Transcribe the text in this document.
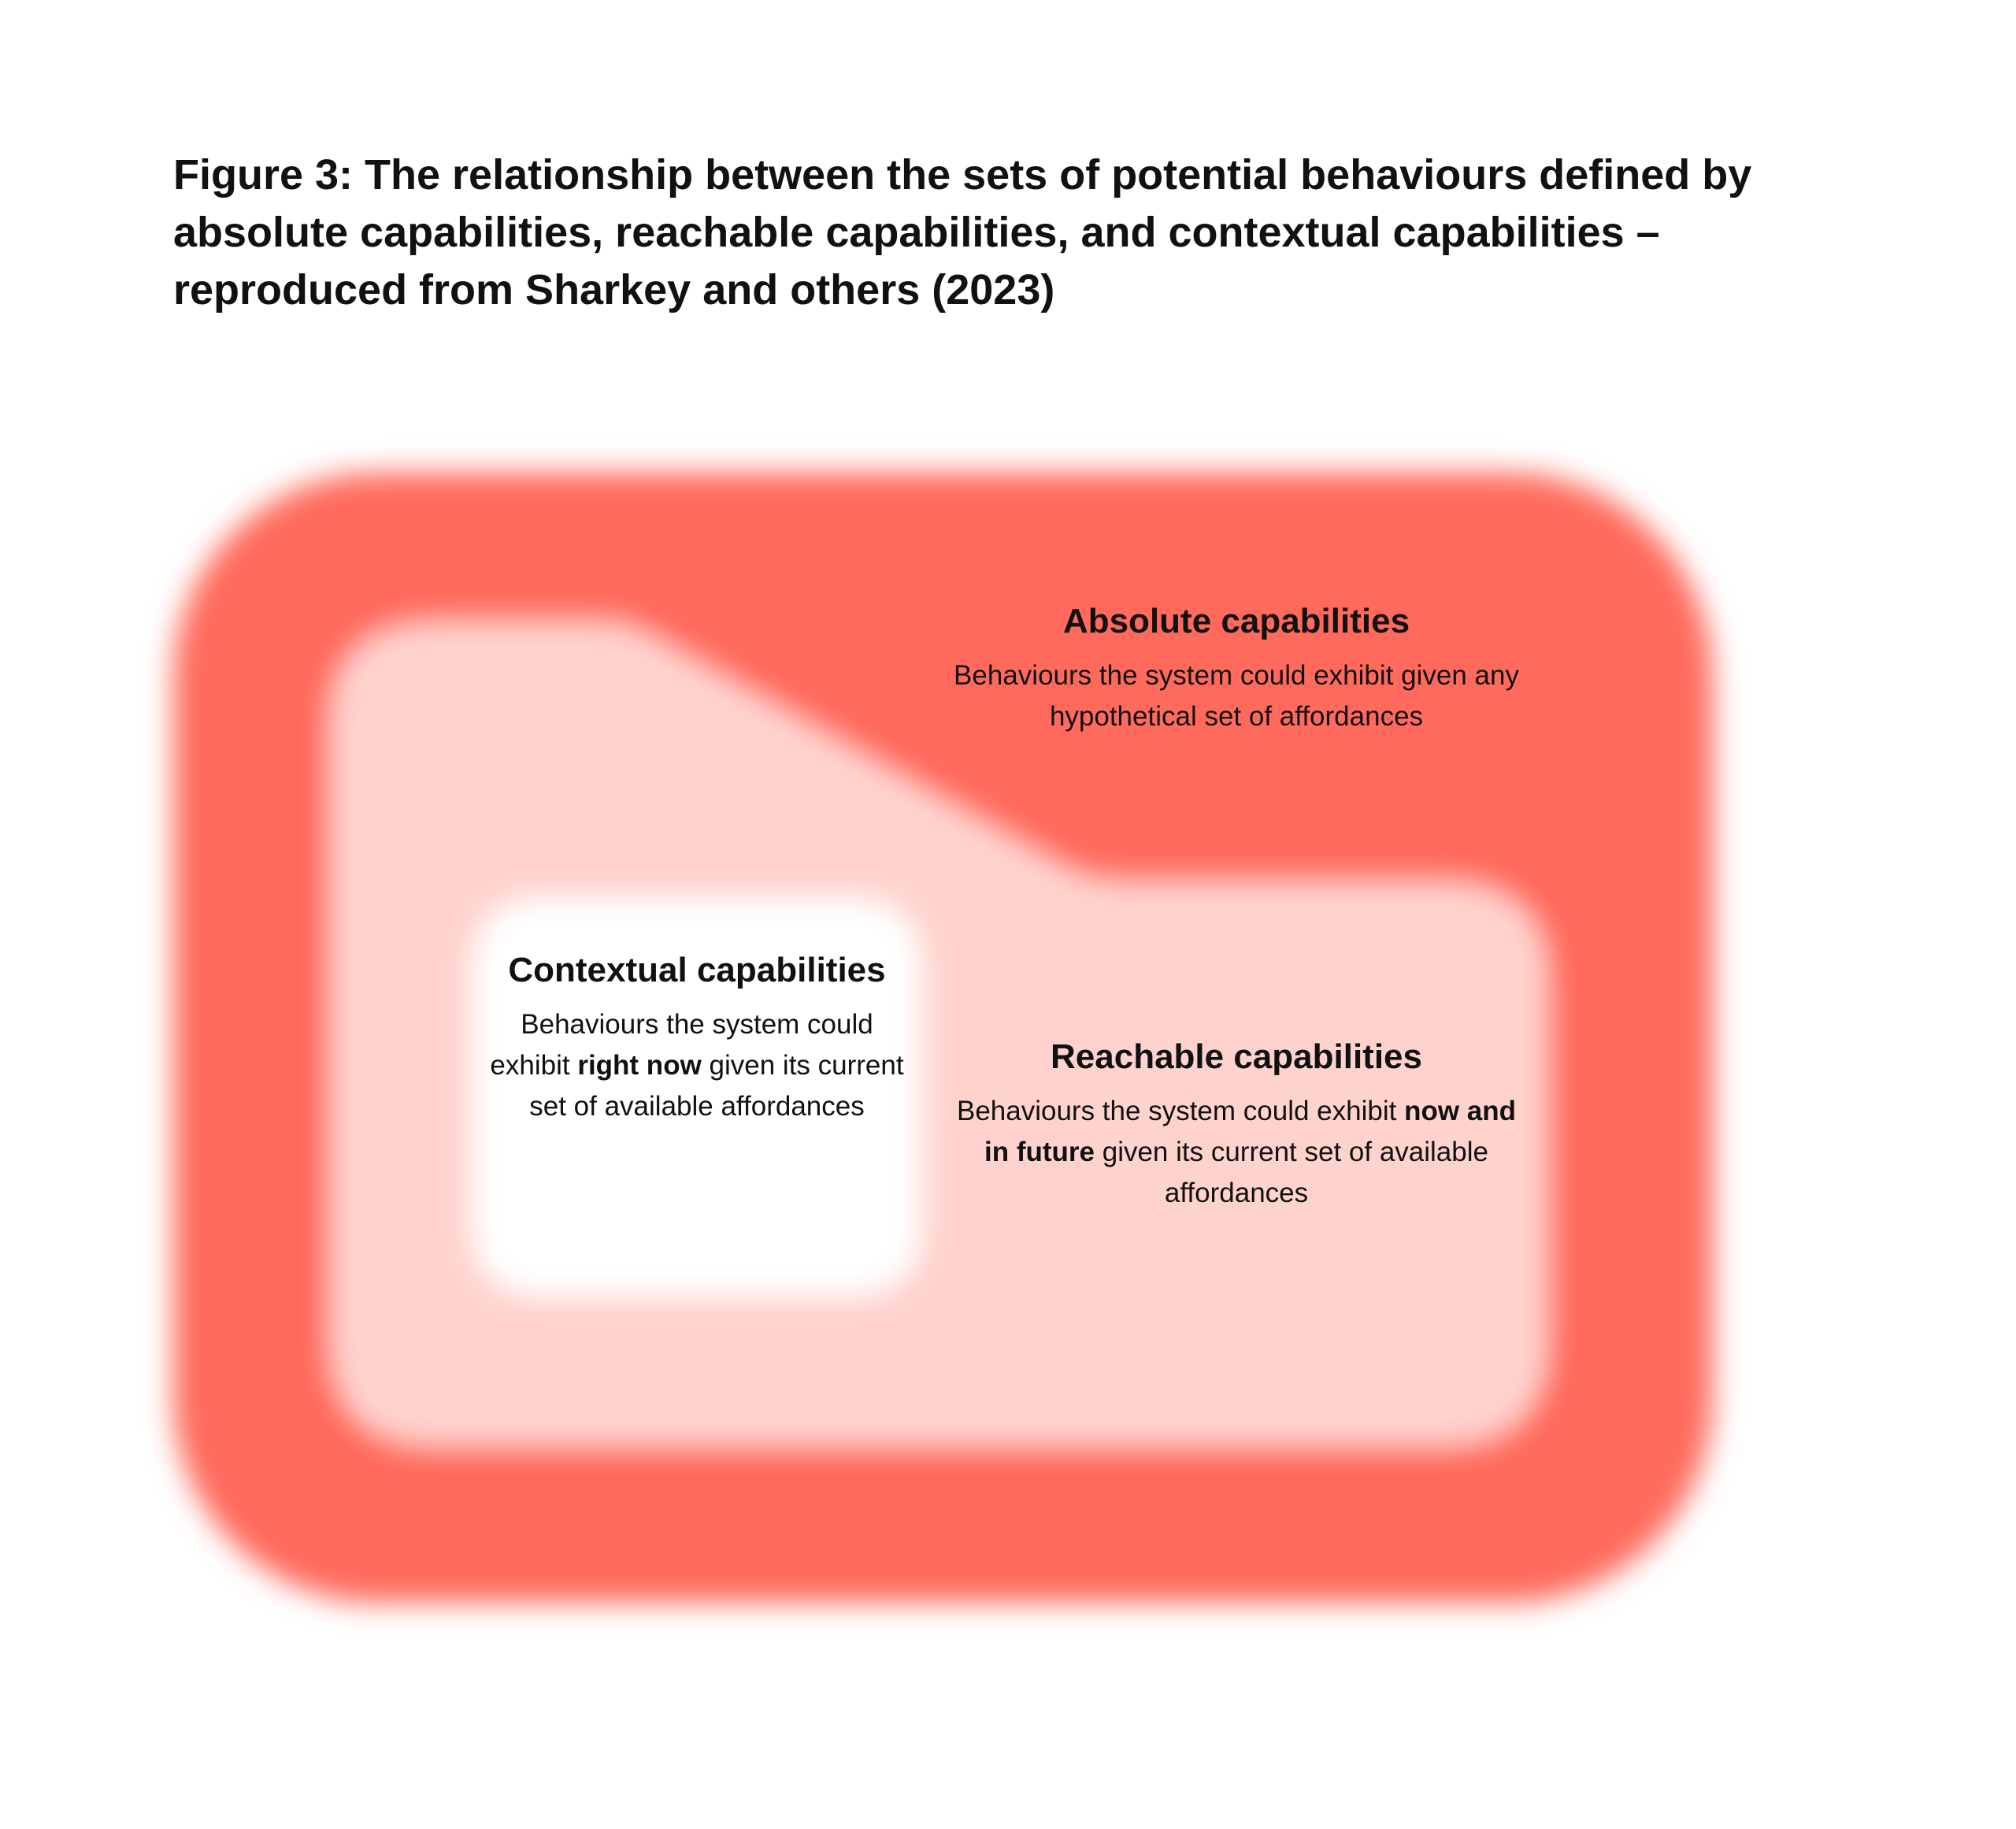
Figure 3: The relationship between the sets of potential behaviours defined by absolute capabilities, reachable capabilities, and contextual capabilities – reproduced from Sharkey and others (2023)
Absolute capabilities
Behaviours the system could exhibit given any hypothetical set of affordances
Contextual capabilities
Behaviours the system could exhibit right now given its current set of available affordances
Reachable capabilities
Behaviours the system could exhibit now and in future given its current set of available affordances
